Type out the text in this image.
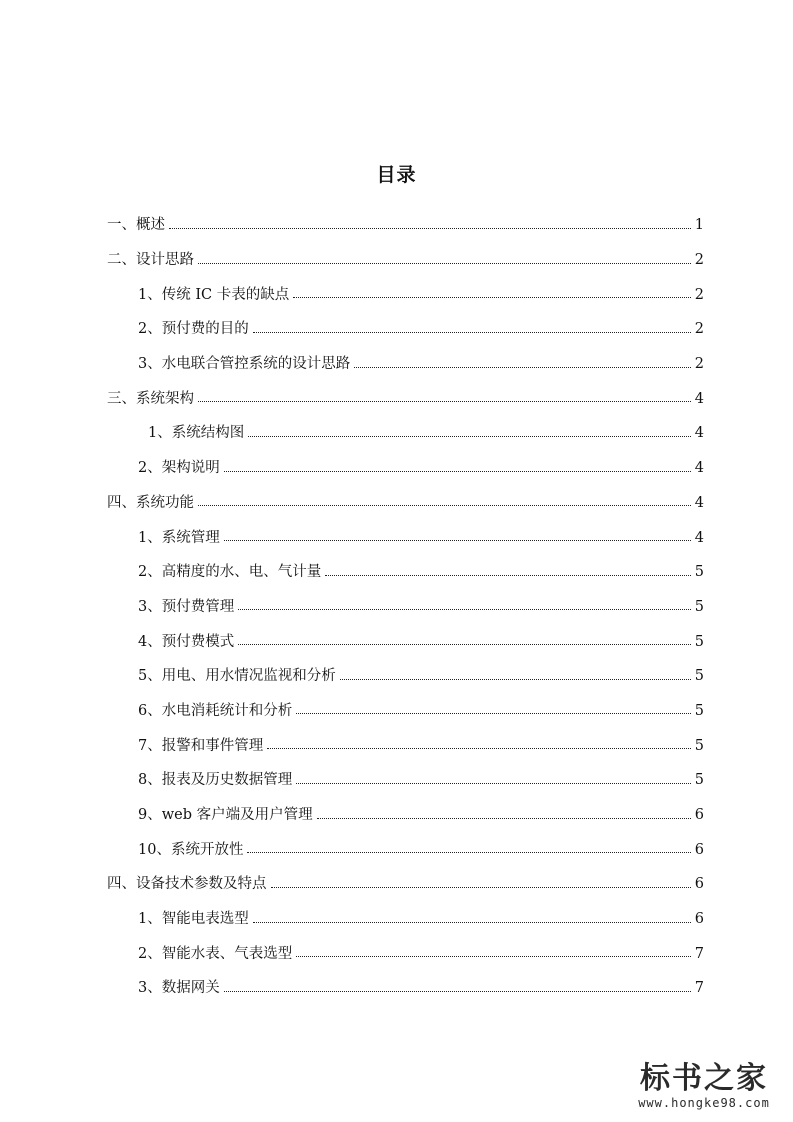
目录
一、概述	1
二、设计思路	2
1、传统 IC 卡表的缺点	2
2、预付费的目的	2
3、水电联合管控系统的设计思路	2
三、系统架构	4
1、系统结构图	4
2、架构说明	4
四、系统功能	4
1、系统管理	4
2、高精度的水、电、气计量	5
3、预付费管理	5
4、预付费模式	5
5、用电、用水情况监视和分析	5
6、水电消耗统计和分析	5
7、报警和事件管理	5
8、报表及历史数据管理	5
9、web 客户端及用户管理	6
10、系统开放性	6
四、设备技术参数及特点	6
1、智能电表选型	6
2、智能水表、气表选型	7
3、数据网关	7
标书之家
www.hongke98.com
